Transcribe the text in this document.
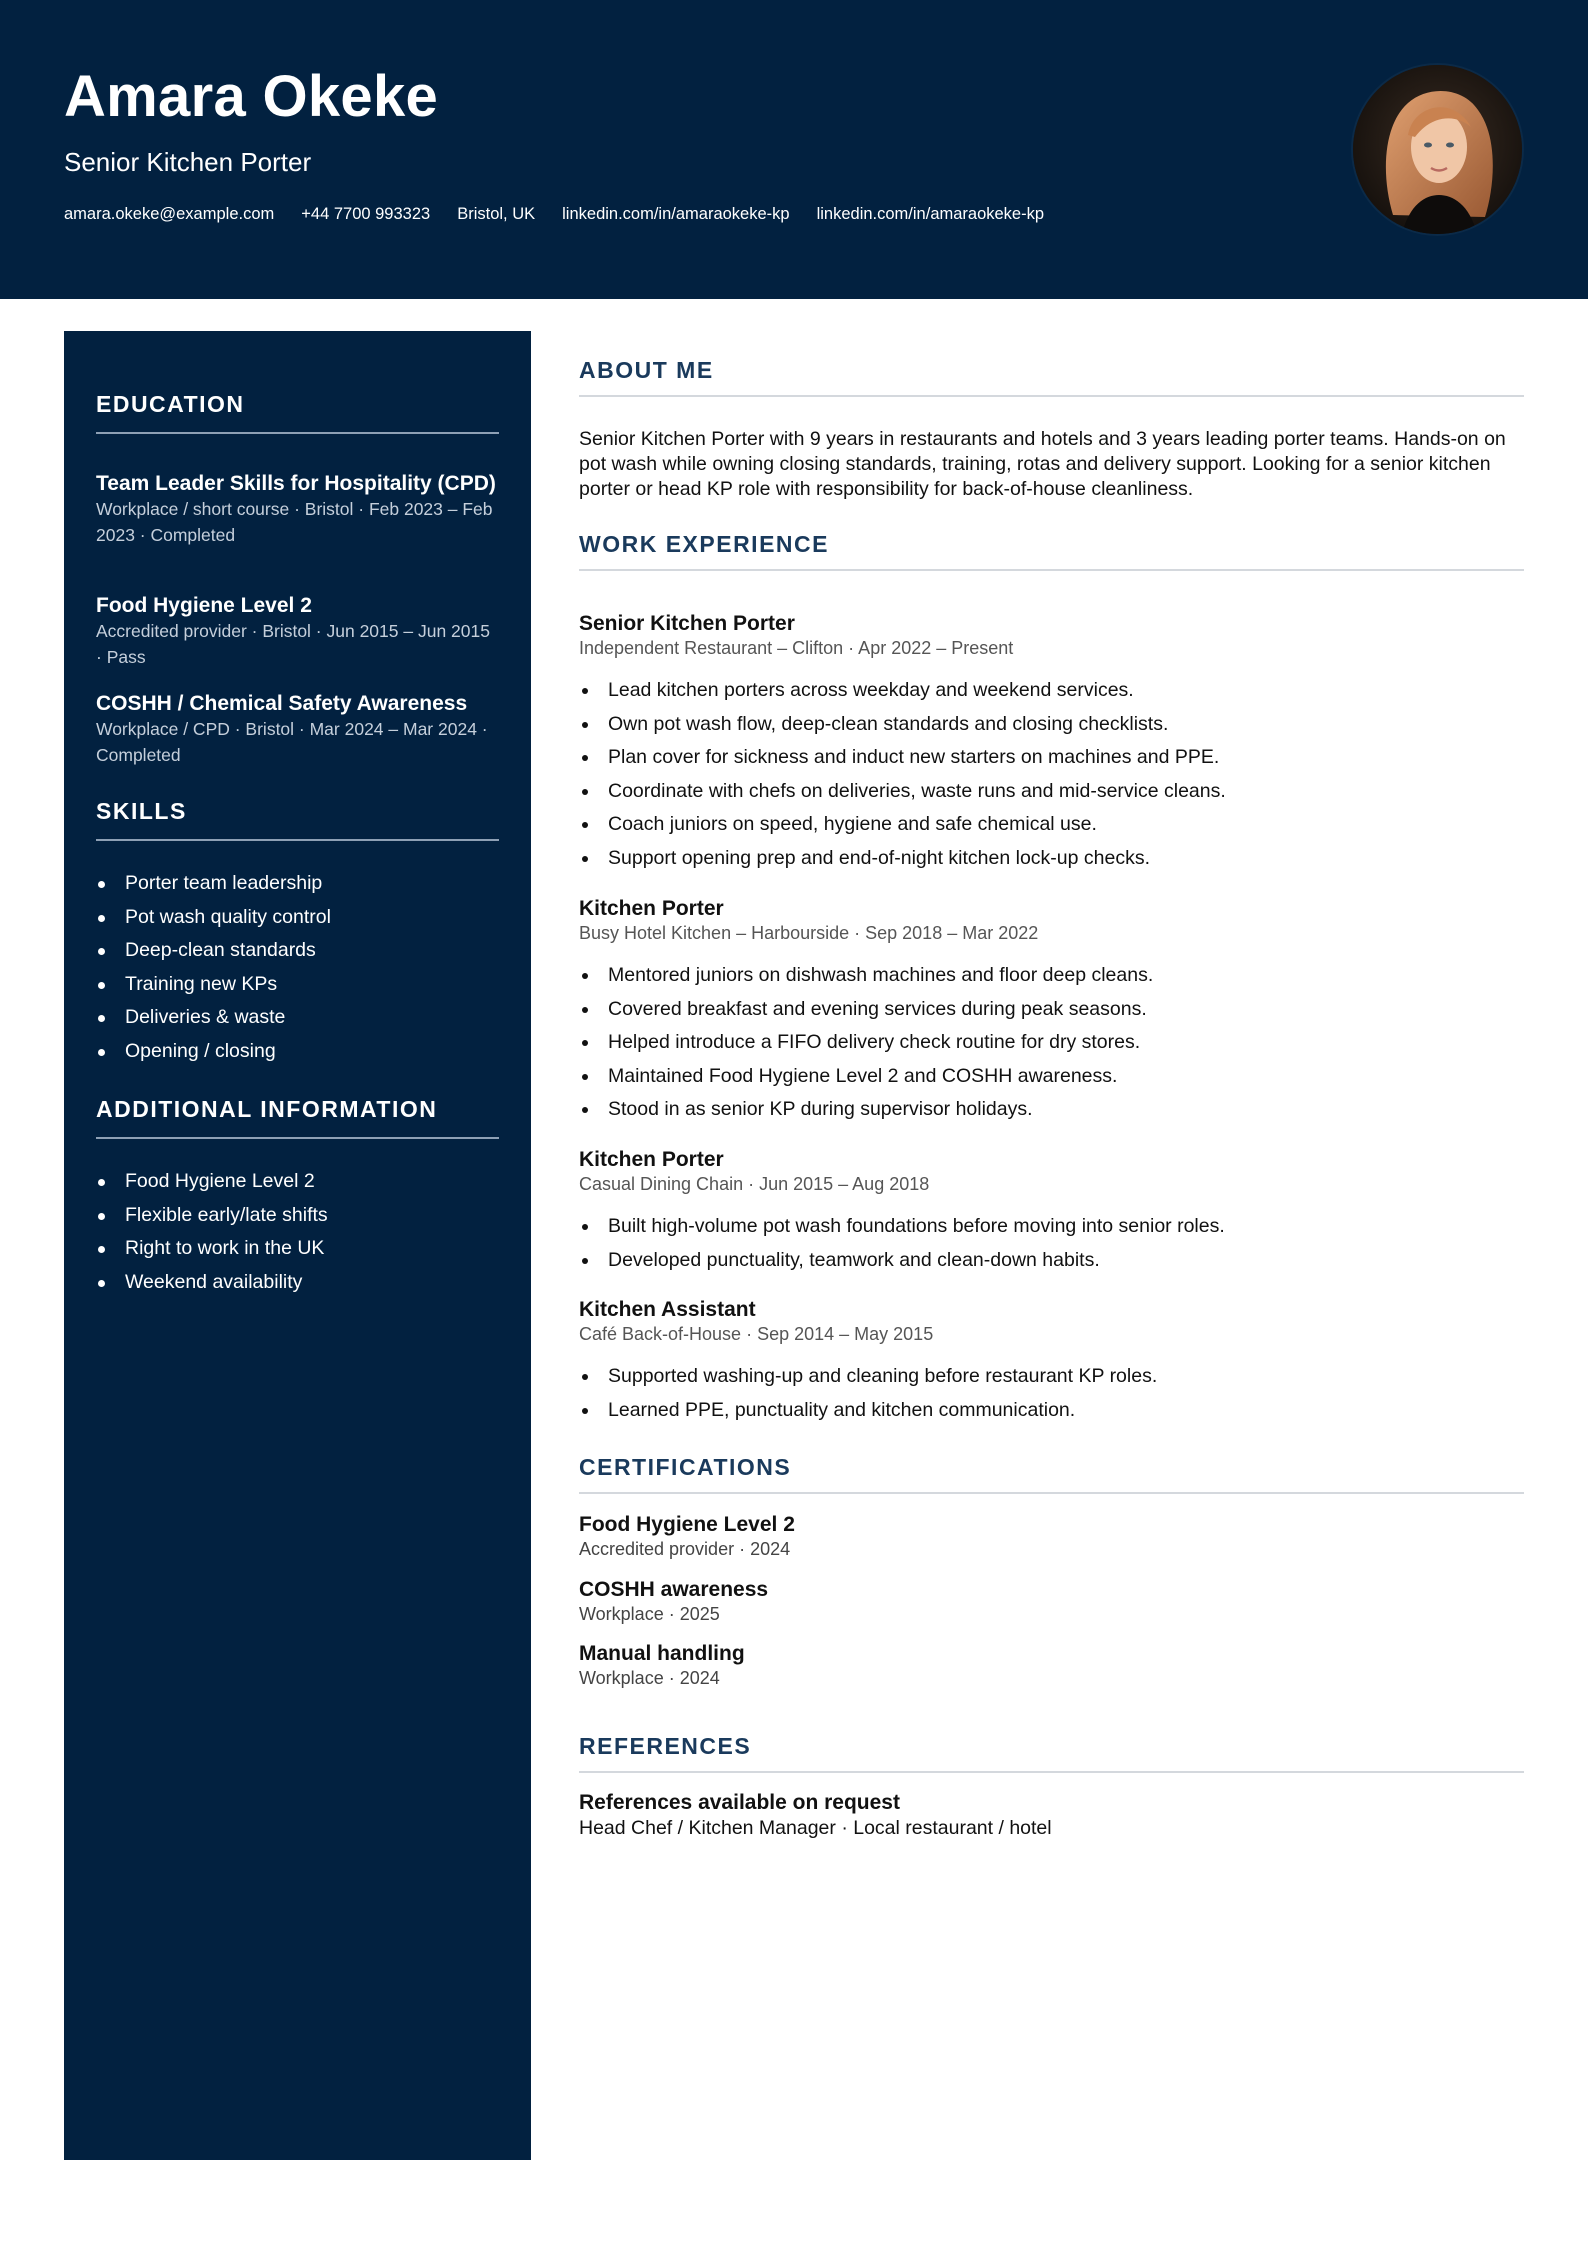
Amara Okeke
Senior Kitchen Porter
amara.okeke@example.com +44 7700 993323 Bristol, UK linkedin.com/in/amaraokeke-kp linkedin.com/in/amaraokeke-kp
EDUCATION
Team Leader Skills for Hospitality (CPD)
Workplace / short course · Bristol · Feb 2023 – Feb 2023 · Completed
Food Hygiene Level 2
Accredited provider · Bristol · Jun 2015 – Jun 2015 · Pass
COSHH / Chemical Safety Awareness
Workplace / CPD · Bristol · Mar 2024 – Mar 2024 · Completed
SKILLS
Porter team leadership
Pot wash quality control
Deep-clean standards
Training new KPs
Deliveries & waste
Opening / closing
ADDITIONAL INFORMATION
Food Hygiene Level 2
Flexible early/late shifts
Right to work in the UK
Weekend availability
ABOUT ME
Senior Kitchen Porter with 9 years in restaurants and hotels and 3 years leading porter teams. Hands-on on pot wash while owning closing standards, training, rotas and delivery support. Looking for a senior kitchen porter or head KP role with responsibility for back-of-house cleanliness.
WORK EXPERIENCE
Senior Kitchen Porter
Independent Restaurant – Clifton · Apr 2022 – Present
Lead kitchen porters across weekday and weekend services.
Own pot wash flow, deep-clean standards and closing checklists.
Plan cover for sickness and induct new starters on machines and PPE.
Coordinate with chefs on deliveries, waste runs and mid-service cleans.
Coach juniors on speed, hygiene and safe chemical use.
Support opening prep and end-of-night kitchen lock-up checks.
Kitchen Porter
Busy Hotel Kitchen – Harbourside · Sep 2018 – Mar 2022
Mentored juniors on dishwash machines and floor deep cleans.
Covered breakfast and evening services during peak seasons.
Helped introduce a FIFO delivery check routine for dry stores.
Maintained Food Hygiene Level 2 and COSHH awareness.
Stood in as senior KP during supervisor holidays.
Kitchen Porter
Casual Dining Chain · Jun 2015 – Aug 2018
Built high-volume pot wash foundations before moving into senior roles.
Developed punctuality, teamwork and clean-down habits.
Kitchen Assistant
Café Back-of-House · Sep 2014 – May 2015
Supported washing-up and cleaning before restaurant KP roles.
Learned PPE, punctuality and kitchen communication.
CERTIFICATIONS
Food Hygiene Level 2
Accredited provider · 2024
COSHH awareness
Workplace · 2025
Manual handling
Workplace · 2024
REFERENCES
References available on request
Head Chef / Kitchen Manager · Local restaurant / hotel
